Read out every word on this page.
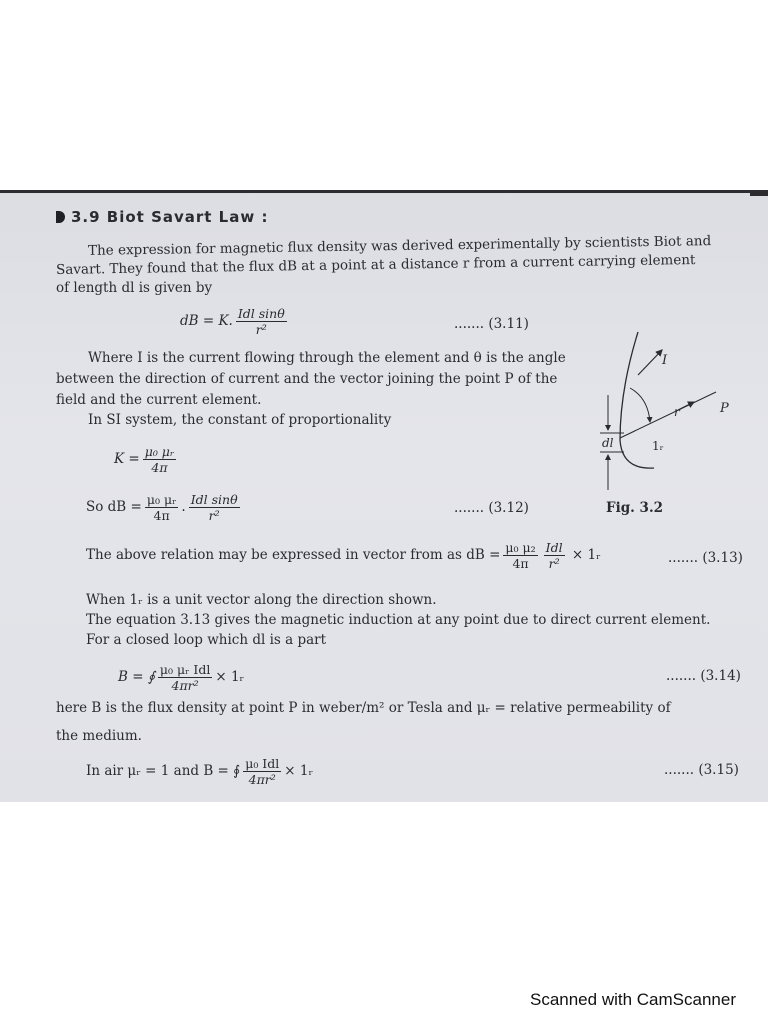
3.9 Biot Savart Law :
The expression for magnetic flux density was derived experimentally by scientists Biot and
Savart. They found that the flux dB at a point at a distance r from a current carrying element
of length dl is given by
dB = K. $\frac{\text{Idl sinθ}}{\text{r²}}$	....... (3.11)
Where I is the current flowing through the element and θ is the angle
between the direction of current and the vector joining the point P of the
field and the current element.
In SI system, the constant of proportionality
$K = \frac{\text{μ₀ μᵣ}}{4\pi}$
So dB = $\frac{\text{μ₀ μᵣ}}{4\pi}$ . $\frac{\text{Idl sinθ}}{\text{r²}}$	....... (3.12)
I
r	P
dl	1ᵣ
Fig. 3.2
The above relation may be expressed in vector from as dB = $\frac{\text{μ₀ μ₂}}{4\pi} \frac{\text{Idl}}{\text{r²}}$ × 1ᵣ	....... (3.13)
When 1ᵣ is a unit vector along the direction shown.
The equation 3.13 gives the magnetic induction at any point due to direct current element.
For a closed loop which dl is a part
B = ∮ $\frac{\text{μ₀ μᵣ Idl}}{\text{4πr²}}$ × 1ᵣ	....... (3.14)
here B is the flux density at point P in weber/m² or Tesla and μᵣ = relative permeability of
the medium.
In air μᵣ = 1 and B = ∮ $\frac{\text{μ₀ Idl}}{\text{4πr²}}$ × 1ᵣ	....... (3.15)
Scanned with CamScanner
